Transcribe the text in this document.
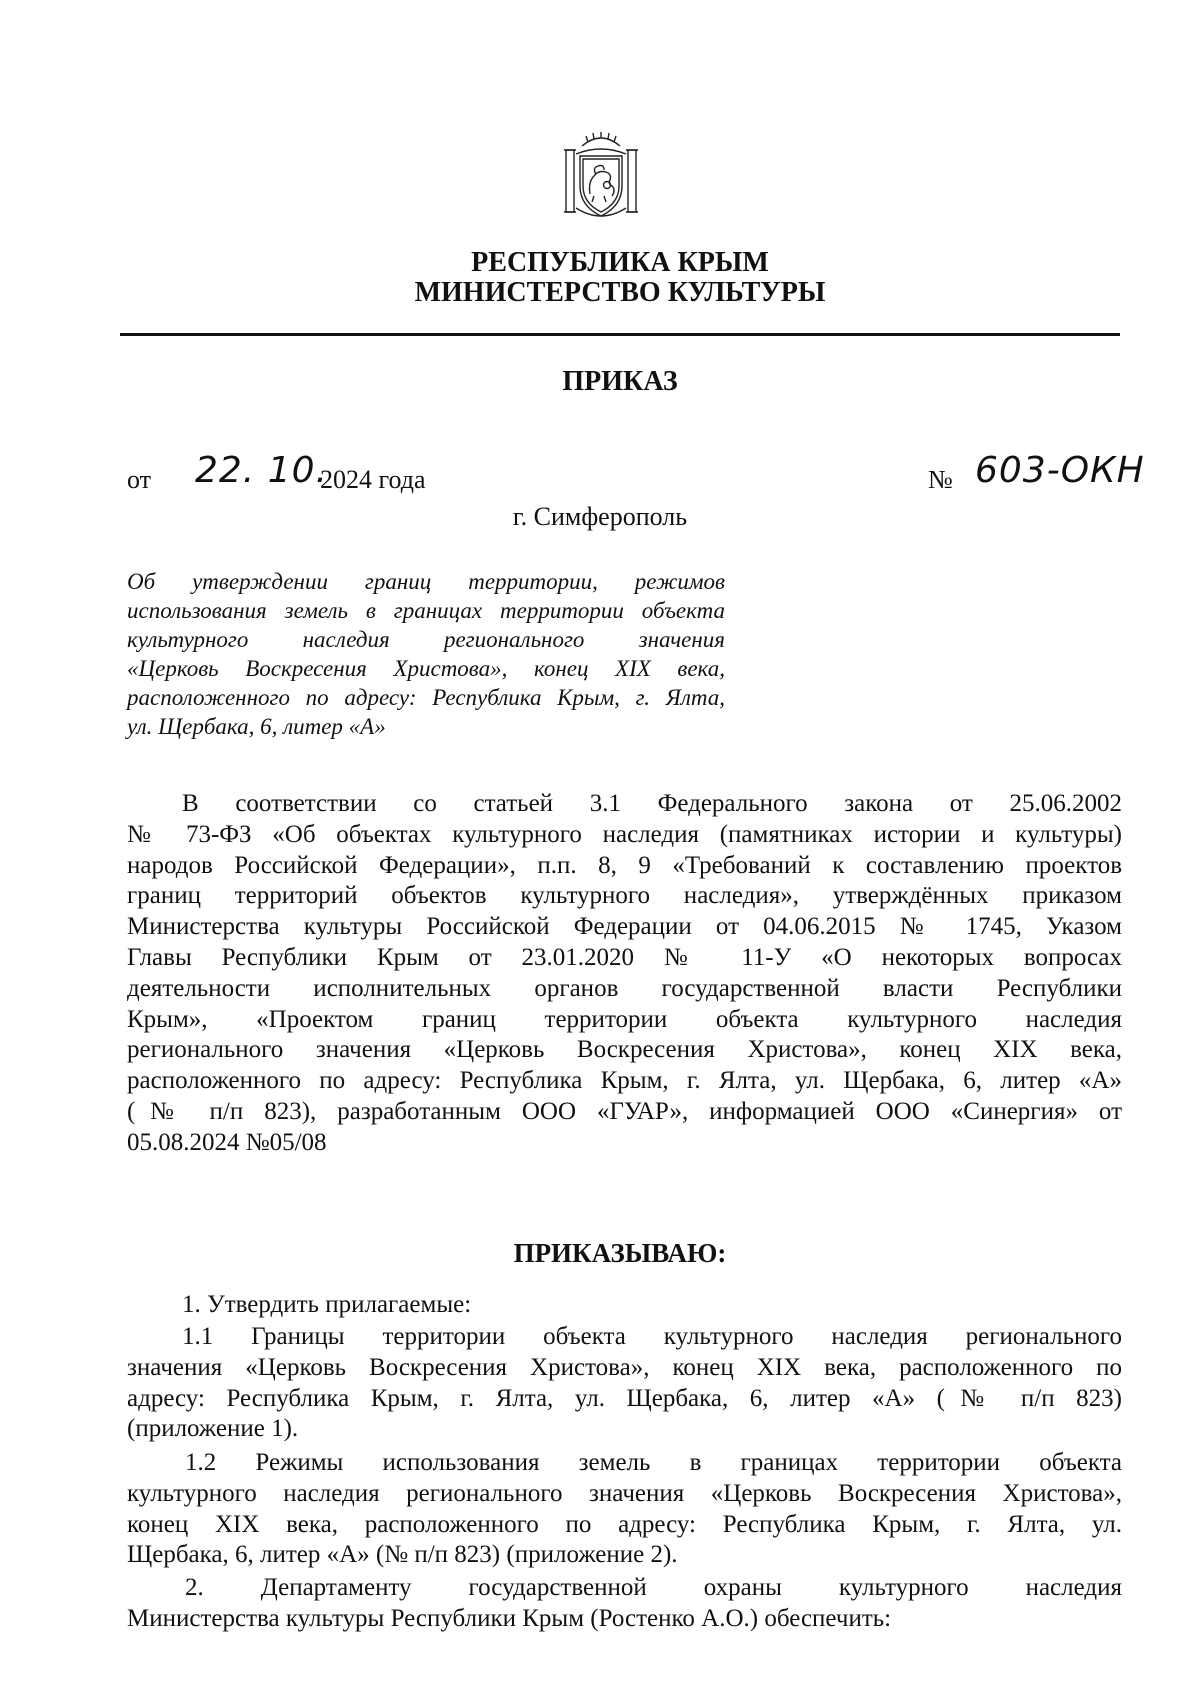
РЕСПУБЛИКА КРЫМ
МИНИСТЕРСТВО КУЛЬТУРЫ
ПРИКАЗ
от 22. 10.
2024 года	№ 603-ОКН
г. Симферополь
Об утверждении границ территории, режимов
использования земель в границах территории объекта
культурного наследия регионального значения
«Церковь Воскресения Христова», конец XIX века,
расположенного по адресу: Республика Крым, г. Ялта,
ул. Щербака, 6, литер «А»
В соответствии со статьей 3.1 Федерального закона от 25.06.2002
№ 73-ФЗ «Об объектах культурного наследия (памятниках истории и культуры)
народов Российской Федерации», п.п. 8, 9 «Требований к составлению проектов
границ территорий объектов культурного наследия», утверждённых приказом
Министерства культуры Российской Федерации от 04.06.2015 № 1745, Указом
Главы Республики Крым от 23.01.2020 № 11-У «О некоторых вопросах
деятельности исполнительных органов государственной власти Республики
Крым», «Проектом границ территории объекта культурного наследия
регионального значения «Церковь Воскресения Христова», конец XIX века,
расположенного по адресу: Республика Крым, г. Ялта, ул. Щербака, 6, литер «А»
(№ п/п 823), разработанным ООО «ГУАР», информацией ООО «Синергия» от
05.08.2024 №05/08
ПРИКАЗЫВАЮ:
1. Утвердить прилагаемые:
1.1 Границы территории объекта культурного наследия регионального
значения «Церковь Воскресения Христова», конец XIX века, расположенного по
адресу: Республика Крым, г. Ялта, ул. Щербака, 6, литер «А» (№ п/п 823)
(приложение 1).
1.2 Режимы использования земель в границах территории объекта
культурного наследия регионального значения «Церковь Воскресения Христова»,
конец XIX века, расположенного по адресу: Республика Крым, г. Ялта, ул.
Щербака, 6, литер «А» (№ п/п 823) (приложение 2).
2. Департаменту государственной охраны культурного наследия
Министерства культуры Республики Крым (Ростенко А.О.) обеспечить:
